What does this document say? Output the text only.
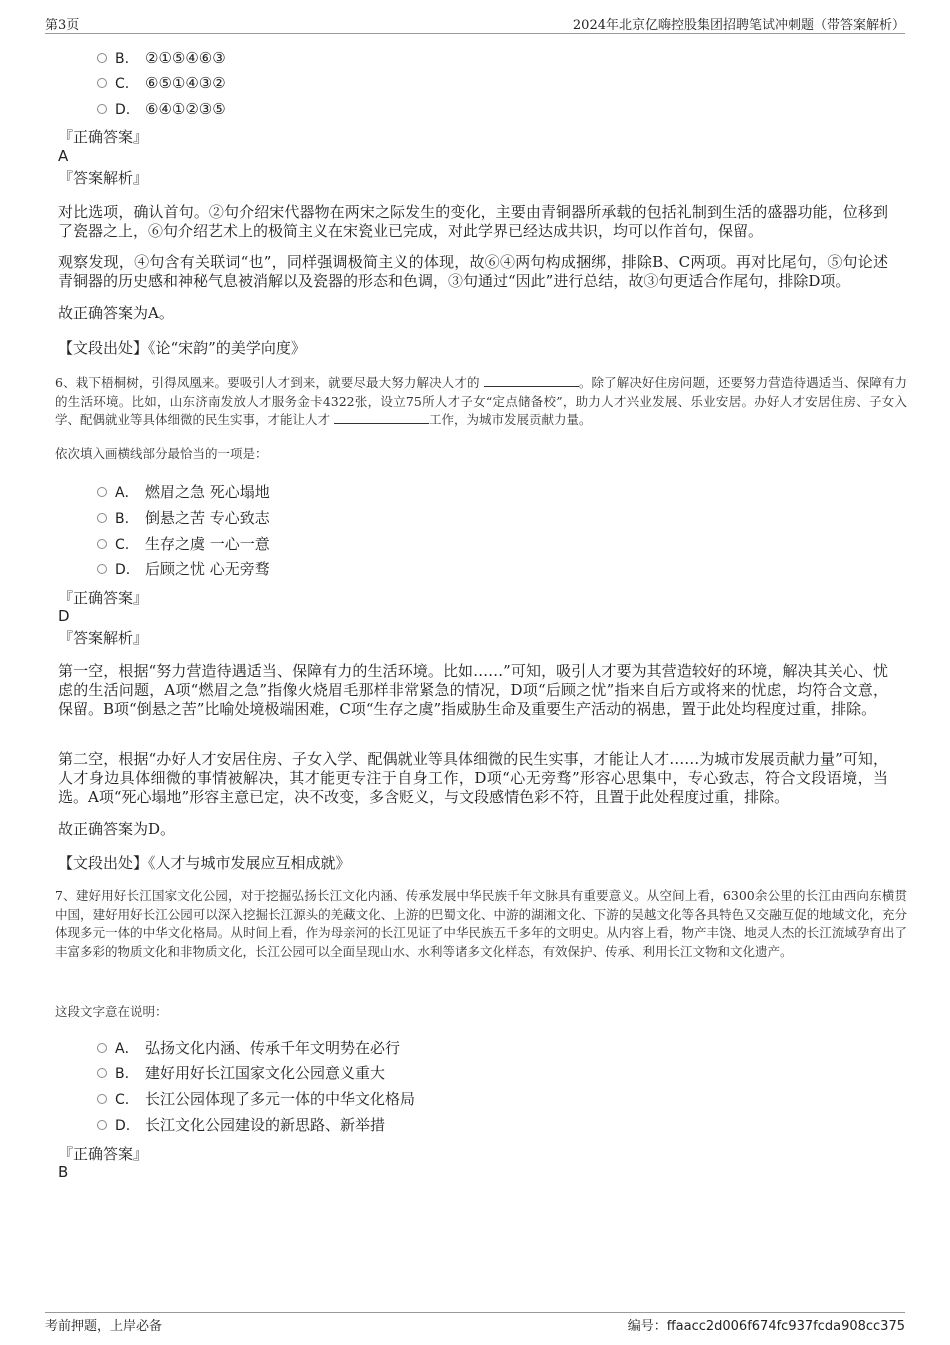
第3页	2024年北京亿嗨控股集团招聘笔试冲刺题（带答案解析）
B. ②①⑤④⑥③
C. ⑥⑤①④③②
D. ⑥④①②③⑤
『正确答案』
A
『答案解析』
对比选项，确认首句。②句介绍宋代器物在两宋之际发生的变化，主要由青铜器所承载的包括礼制到生活的盛器功能，位移到了瓷器之上，⑥句介绍艺术上的极简主义在宋瓷业已完成，对此学界已经达成共识，均可以作首句，保留。
观察发现，④句含有关联词“也”，同样强调极简主义的体现，故⑥④两句构成捆绑，排除B、C两项。再对比尾句，⑤句论述青铜器的历史感和神秘气息被消解以及瓷器的形态和色调，③句通过“因此”进行总结，故③句更适合作尾句，排除D项。
故正确答案为A。
【文段出处】《论“宋韵”的美学向度》
6、栽下梧桐树，引得凤凰来。要吸引人才到来，就要尽最大努力解决人才的	。除了解决好住房问题，还要努力营造待遇适当、保障有力的生活环境。比如，山东济南发放人才服务金卡4322张，设立75所人才子女“定点储备校”，助力人才兴业发展、乐业安居。办好人才安居住房、子女入学、配偶就业等具体细微的民生实事，才能让人才	工作，为城市发展贡献力量。
依次填入画横线部分最恰当的一项是：
A． 燃眉之急 死心塌地
B. 倒悬之苦 专心致志
C. 生存之虞 一心一意
D. 后顾之忧 心无旁骛
『正确答案』
D
『答案解析』
第一空，根据“努力营造待遇适当、保障有力的生活环境。比如……”可知，吸引人才要为其营造较好的环境，解决其关心、忧虑的生活问题，A项“燃眉之急”指像火烧眉毛那样非常紧急的情况，D项“后顾之忧”指来自后方或将来的忧虑，均符合文意，保留。B项“倒悬之苦”比喻处境极端困难，C项“生存之虞”指威胁生命及重要生产活动的祸患，置于此处均程度过重，排除。
第二空，根据“办好人才安居住房、子女入学、配偶就业等具体细微的民生实事，才能让人才……为城市发展贡献力量”可知，人才身边具体细微的事情被解决，其才能更专注于自身工作，D项“心无旁骛”形容心思集中，专心致志，符合文段语境，当选。A项“死心塌地”形容主意已定，决不改变，多含贬义，与文段感情色彩不符，且置于此处程度过重，排除。
故正确答案为D。
【文段出处】《人才与城市发展应互相成就》
7、建好用好长江国家文化公园，对于挖掘弘扬长江文化内涵、传承发展中华民族千年文脉具有重要意义。从空间上看，6300余公里的长江由西向东横贯中国，建好用好长江公园可以深入挖掘长江源头的羌藏文化、上游的巴蜀文化、中游的湖湘文化、下游的吴越文化等各具特色又交融互促的地域文化，充分体现多元一体的中华文化格局。从时间上看，作为母亲河的长江见证了中华民族五千多年的文明史。从内容上看，物产丰饶、地灵人杰的长江流域孕育出了丰富多彩的物质文化和非物质文化，长江公园可以全面呈现山水、水利等诸多文化样态，有效保护、传承、利用长江文物和文化遗产。
这段文字意在说明：
A． 弘扬文化内涵、传承千年文明势在必行
B. 建好用好长江国家文化公园意义重大
C. 长江公园体现了多元一体的中华文化格局
D. 长江文化公园建设的新思路、新举措
『正确答案』
B
考前押题，上岸必备	编号：ffaacc2d006f674fc937fcda908cc375
